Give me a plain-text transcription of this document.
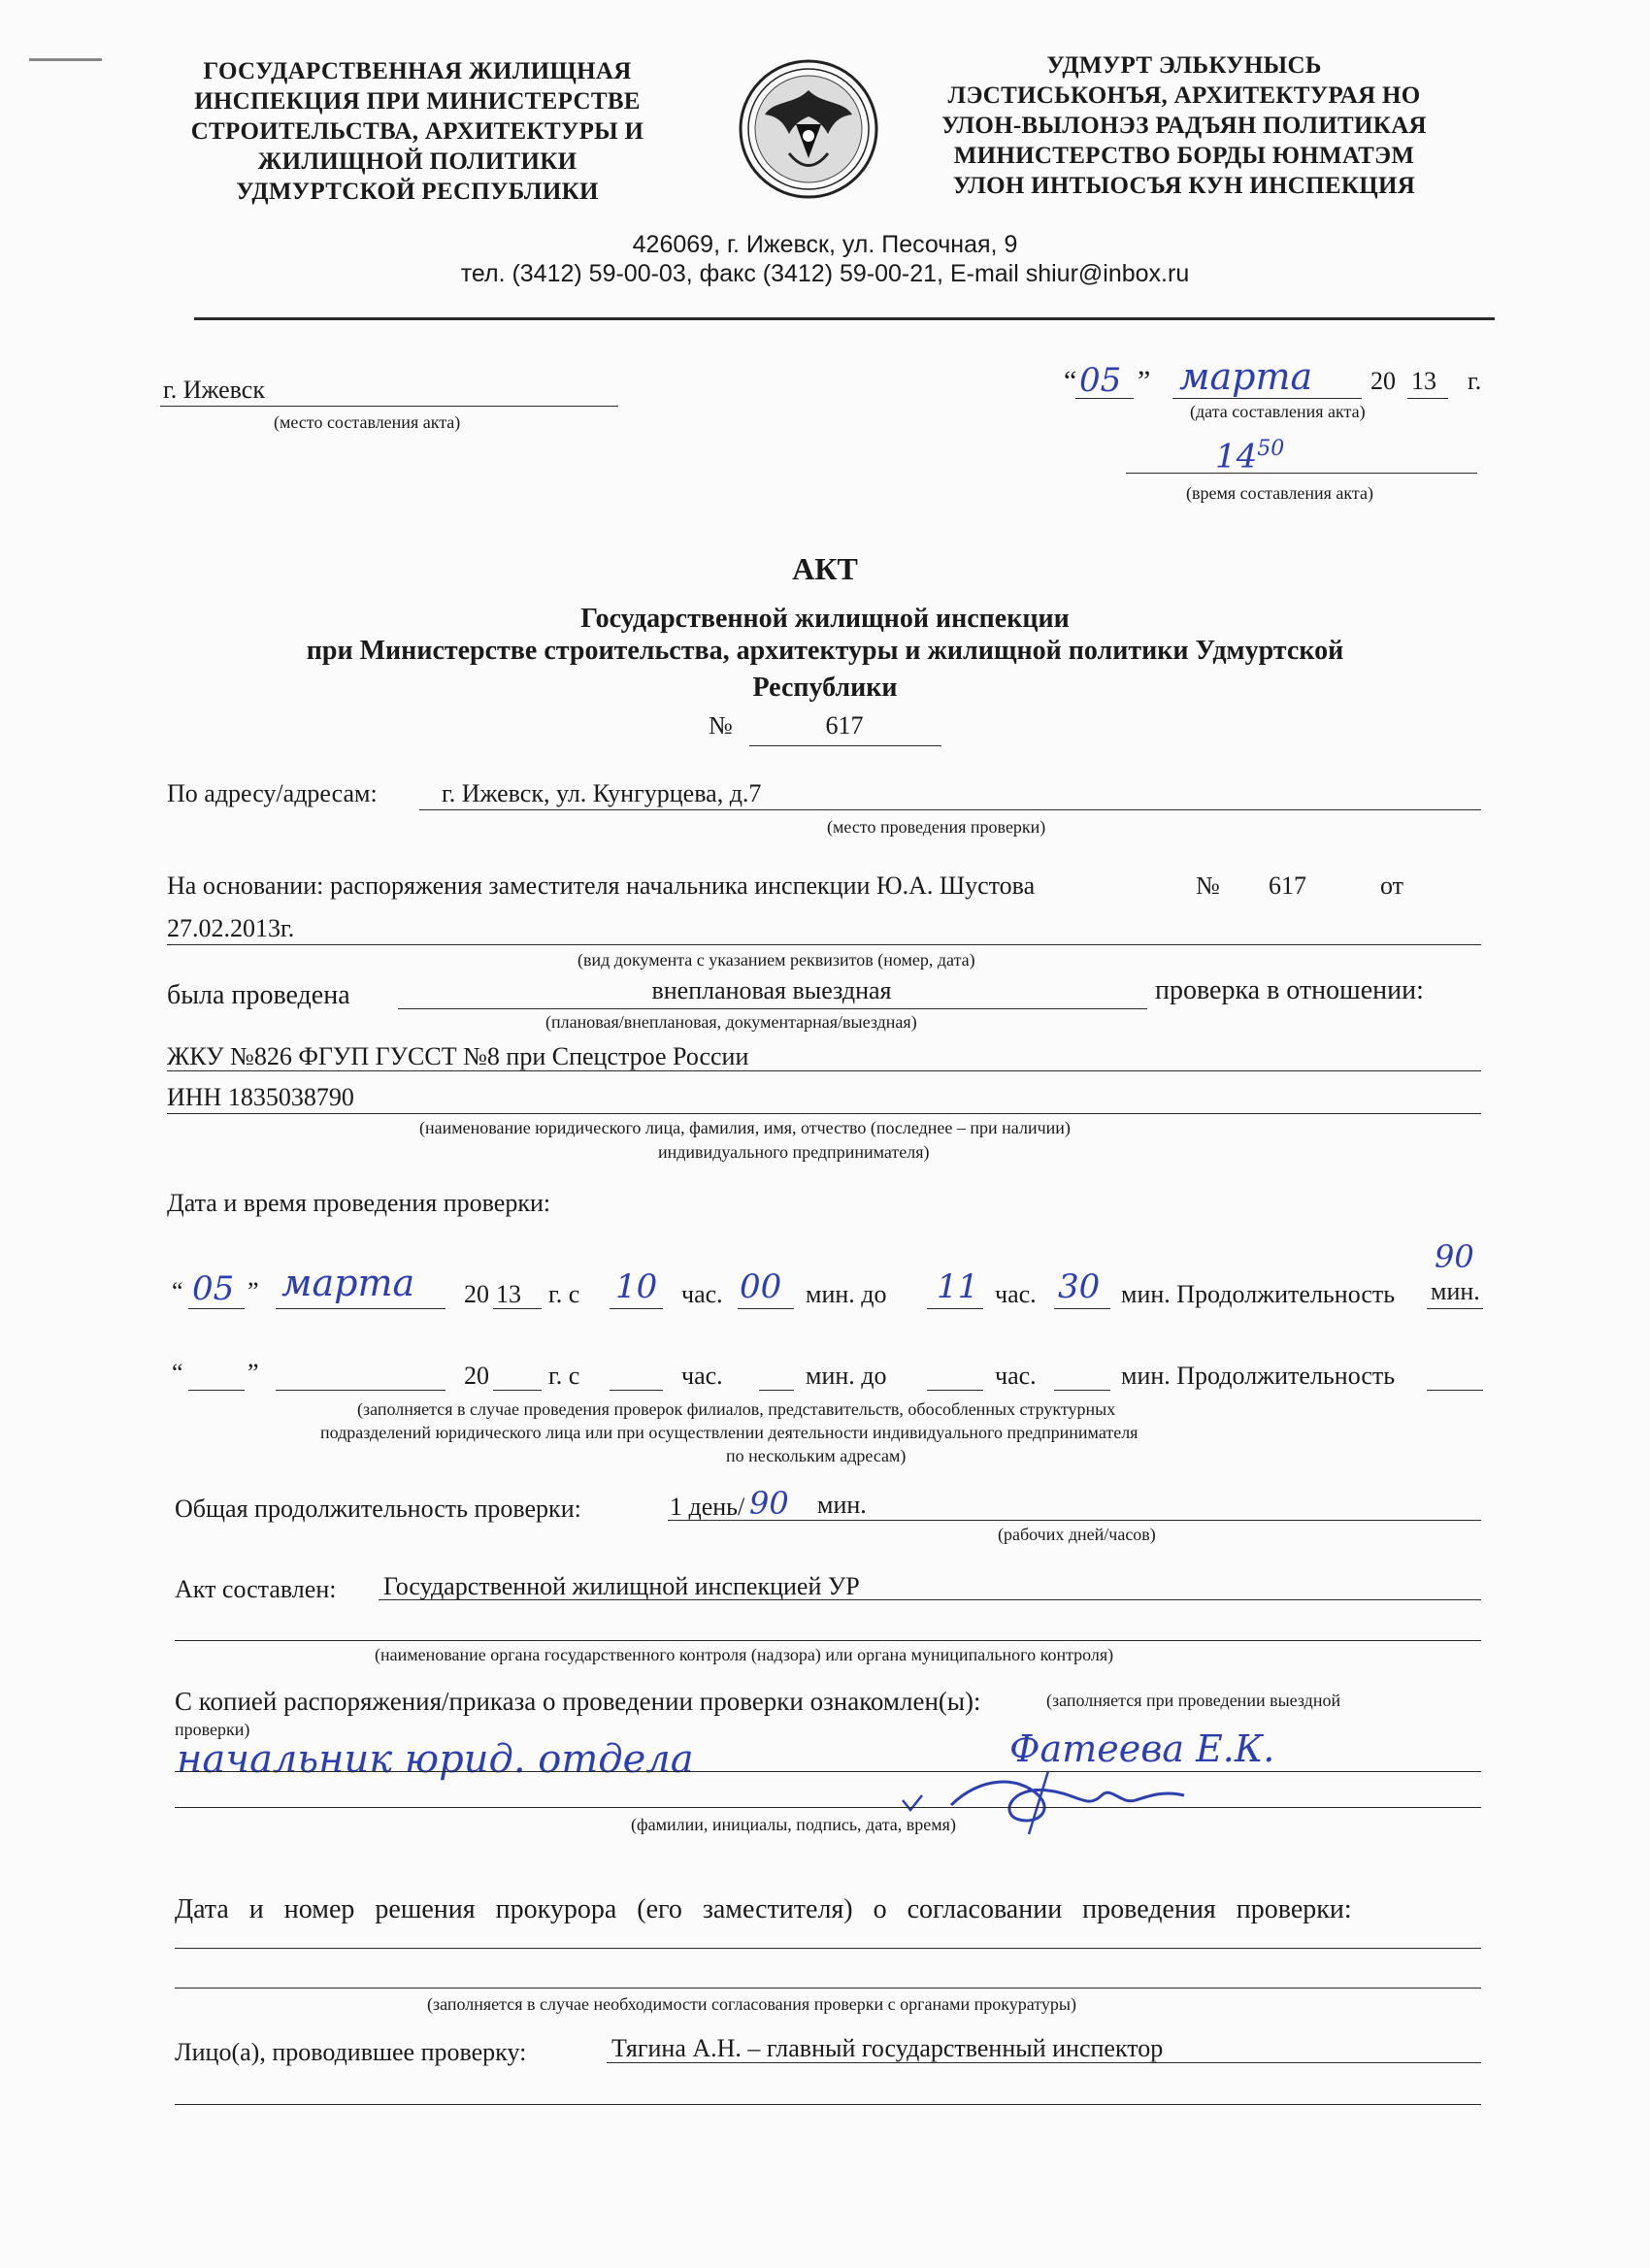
ГОСУДАРСТВЕННАЯ ЖИЛИЩНАЯ
ИНСПЕКЦИЯ ПРИ МИНИСТЕРСТВЕ
СТРОИТЕЛЬСТВА, АРХИТЕКТУРЫ И
ЖИЛИЩНОЙ ПОЛИТИКИ
УДМУРТСКОЙ РЕСПУБЛИКИ
УДМУРТ ЭЛЬКУНЫСЬ
ЛЭСТИСЬКОНЪЯ, АРХИТЕКТУРАЯ НО
УЛОН-ВЫЛОНЭЗ РАДЪЯН ПОЛИТИКАЯ
МИНИСТЕРСТВО БОРДЫ ЮНМАТЭМ
УЛОН ИНТЫОСЪЯ КУН ИНСПЕКЦИЯ
426069, г. Ижевск, ул. Песочная, 9
тел. (3412) 59-00-03, факс (3412) 59-00-21, E-mail shiur@inbox.ru
г. Ижевск
(место составления акта)
“ 05 ” марта 20 13 г.
(дата составления акта)
$14^{50}$
(время составления акта)
АКТ
Государственной жилищной инспекции
при Министерстве строительства, архитектуры и жилищной политики Удмуртской
Республики
№	617
По адресу/адресам:	г. Ижевск, ул. Кунгурцева, д.7
(место проведения проверки)
На основании: распоряжения заместителя начальника инспекции Ю.А. Шустова	№ 617	от
27.02.2013г.
(вид документа с указанием реквизитов (номер, дата)
была проведена	внеплановая выездная	проверка в отношении:
(плановая/внеплановая, документарная/выездная)
ЖКУ №826 ФГУП ГУССТ №8 при Спецстрое России
ИНН 1835038790
(наименование юридического лица, фамилия, имя, отчество (последнее – при наличии)
индивидуального предпринимателя)
Дата и время проведения проверки:
“ 05 ” марта 20 13 г. с 10 час. 00 мин. до 11 час. 30 мин. Продолжительность
90
мин.
“	”	20 г. с	час.	мин. до	час.	мин. Продолжительность
(заполняется в случае проведения проверок филиалов, представительств, обособленных структурных
подразделений юридического лица или при осуществлении деятельности индивидуального предпринимателя
по нескольким адресам)
Общая продолжительность проверки:	1 день/ 90 мин.
(рабочих дней/часов)
Акт составлен: Государственной жилищной инспекцией УР
(наименование органа государственного контроля (надзора) или органа муниципального контроля)
С копией распоряжения/приказа о проведении проверки ознакомлен(ы):	(заполняется при проведении выездной
проверки)
начальник юрид. отдела	Фатеева Е.К.
(фамилии, инициалы, подпись, дата, время)
Дата и номер решения прокурора (его заместителя) о согласовании проведения проверки:
(заполняется в случае необходимости согласования проверки с органами прокуратуры)
Лицо(а), проводившее проверку:	Тягина А.Н. – главный государственный инспектор
